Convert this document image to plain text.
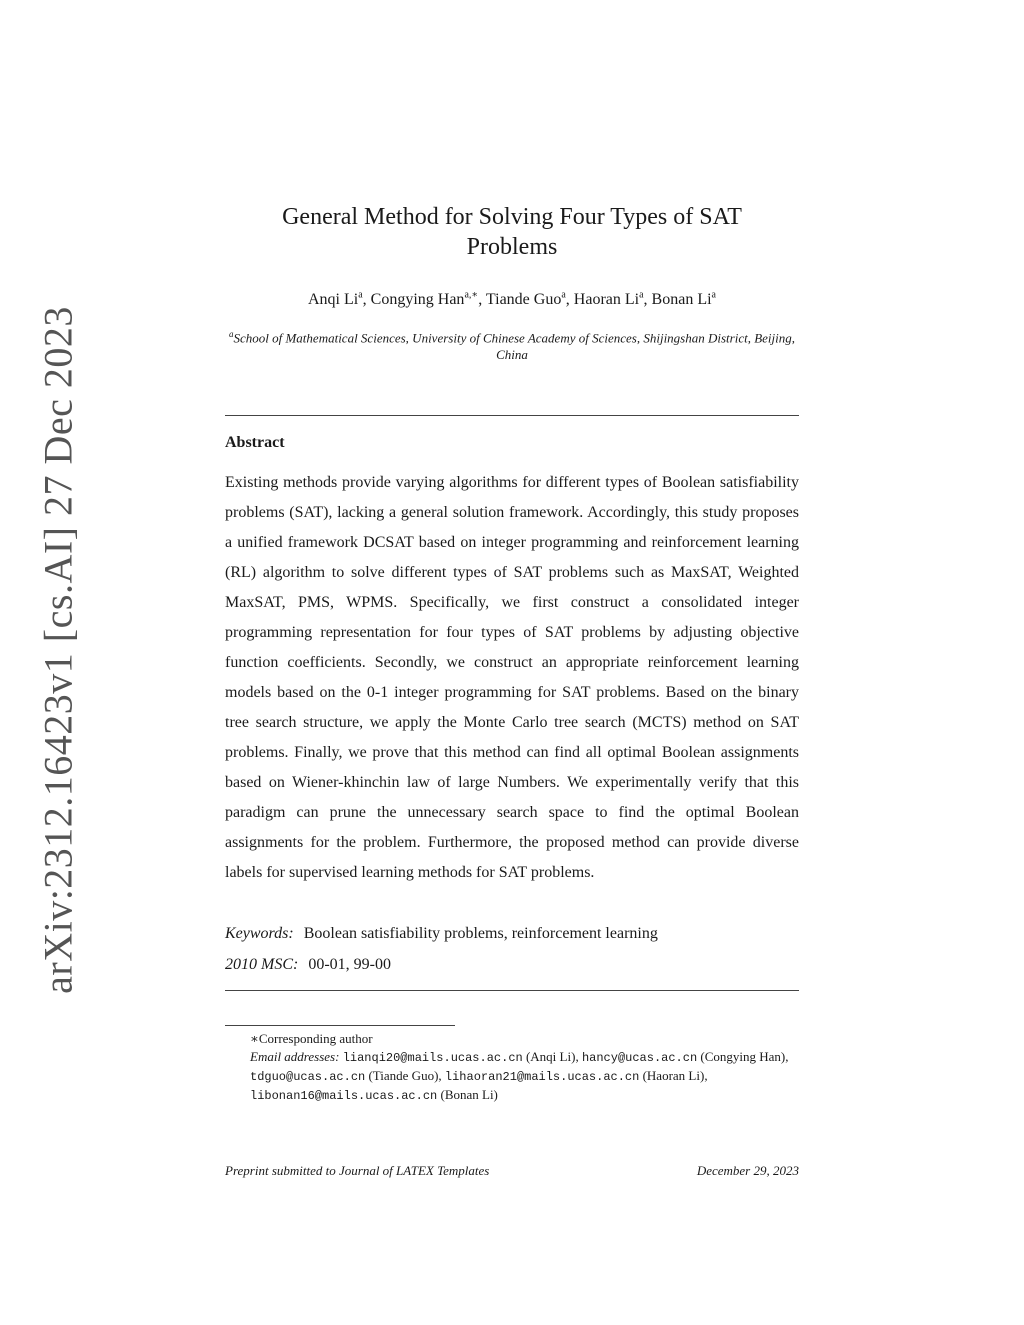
arXiv:2312.16423v1 [cs.AI] 27 Dec 2023
General Method for Solving Four Types of SAT
Problems
Anqi Li$^a$, Congying Han$^{a,∗}$, Tiande Guo$^a$, Haoran Li$^a$, Bonan Li$^a$
$^a$School of Mathematical Sciences, University of Chinese Academy of Sciences, Shijingshan District, Beijing, China
Abstract
Existing methods provide varying algorithms for different types of Boolean satisfiability problems (SAT), lacking a general solution framework. Accordingly, this study proposes a unified framework DCSAT based on integer programming and reinforcement learning (RL) algorithm to solve different types of SAT problems such as MaxSAT, Weighted MaxSAT, PMS, WPMS. Specifically, we first construct a consolidated integer programming representation for four types of SAT problems by adjusting objective function coefficients. Secondly, we construct an appropriate reinforcement learning models based on the 0-1 integer programming for SAT problems. Based on the binary tree search structure, we apply the Monte Carlo tree search (MCTS) method on SAT problems. Finally, we prove that this method can find all optimal Boolean assignments based on Wiener-khinchin law of large Numbers. We experimentally verify that this paradigm can prune the unnecessary search space to find the optimal Boolean assignments for the problem. Furthermore, the proposed method can provide diverse labels for supervised learning methods for SAT problems.
Keywords: Boolean satisfiability problems, reinforcement learning
2010 MSC: 00-01, 99-00
∗Corresponding author
Email addresses: lianqi20@mails.ucas.ac.cn (Anqi Li), hancy@ucas.ac.cn (Congying Han), tdguo@ucas.ac.cn (Tiande Guo), lihaoran21@mails.ucas.ac.cn (Haoran Li), libonan16@mails.ucas.ac.cn (Bonan Li)
Preprint submitted to Journal of LATEX Templates	December 29, 2023
